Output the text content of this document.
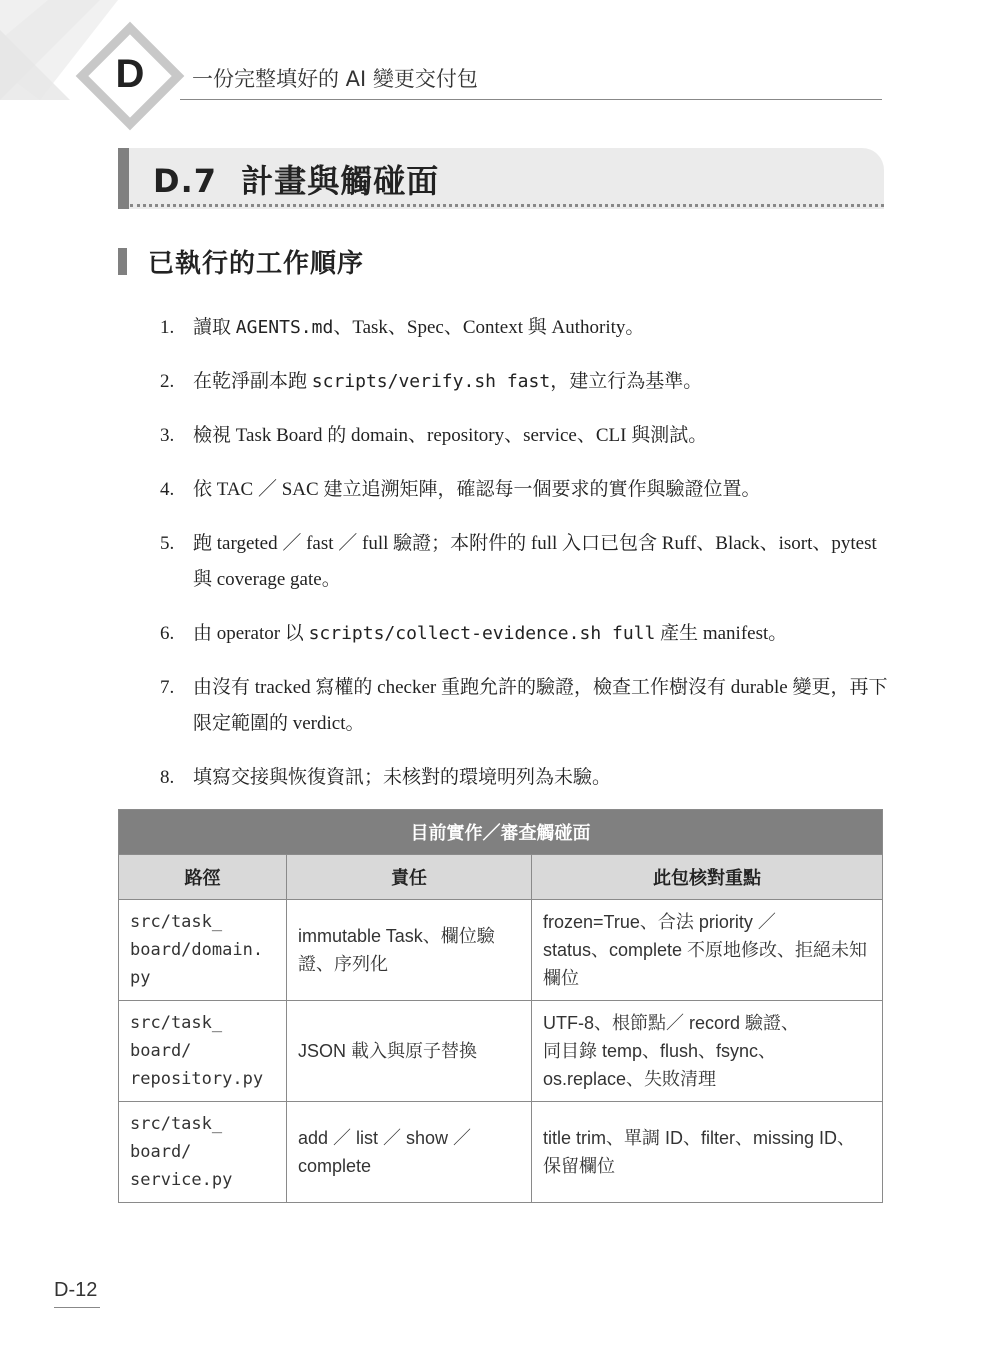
D 一份完整填好的 AI 變更交付包
D.7  計畫與觸碰面
已執行的工作順序
1. 讀取 AGENTS.md、Task、Spec、Context 與 Authority。
2. 在乾淨副本跑 scripts/verify.sh fast，建立行為基準。
3. 檢視 Task Board 的 domain、repository、service、CLI 與測試。
4. 依 TAC ／ SAC 建立追溯矩陣，確認每一個要求的實作與驗證位置。
5. 跑 targeted ／ fast ／ full 驗證；本附件的 full 入口已包含 Ruff、Black、isort、pytest 與 coverage gate。
6. 由 operator 以 scripts/collect-evidence.sh full 產生 manifest。
7. 由沒有 tracked 寫權的 checker 重跑允許的驗證，檢查工作樹沒有 durable 變更，再下限定範圍的 verdict。
8. 填寫交接與恢復資訊；未核對的環境明列為未驗。
目前實作／審查觸碰面		
路徑	責任	此包核對重點
src/task_
board/domain.
py	immutable Task、欄位驗證、序列化	frozen=True、合法 priority ／
status、complete 不原地修改、拒絕未知欄位
src/task_
board/
repository.py	JSON 載入與原子替換	UTF-8、根節點／ record 驗證、
同目錄 temp、flush、fsync、
os.replace、失敗清理
src/task_
board/
service.py	add ／ list ／ show ／ complete	title trim、單調 ID、filter、missing ID、保留欄位
D-12
